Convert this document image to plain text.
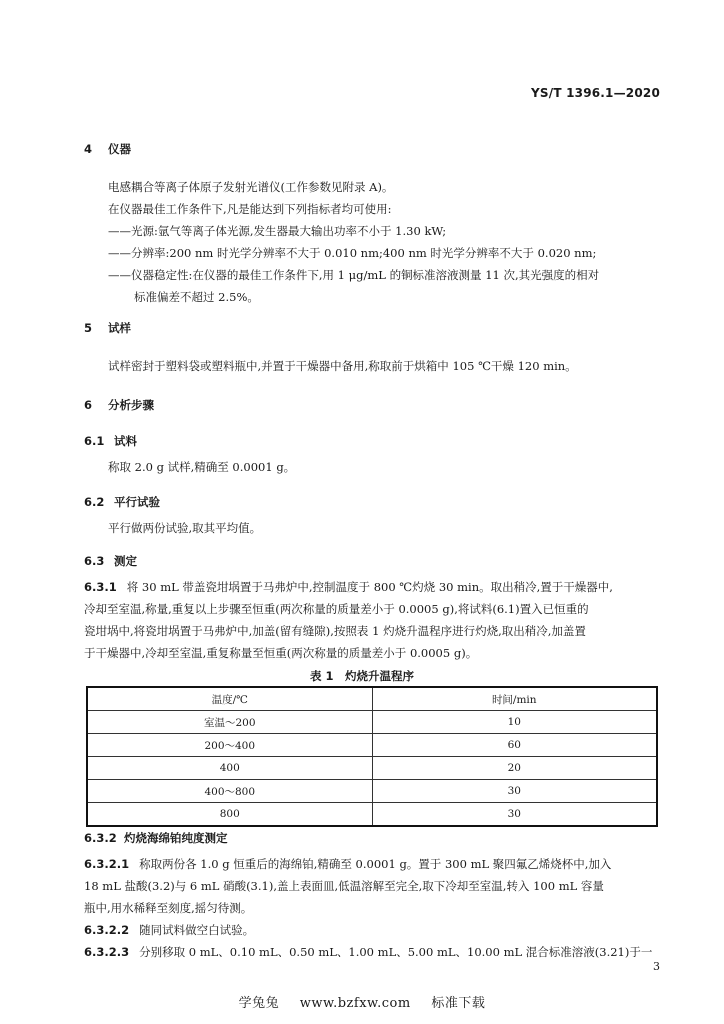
YS/T 1396.1—2020
4 仪器
电感耦合等离子体原子发射光谱仪(工作参数见附录 A)。
在仪器最佳工作条件下,凡是能达到下列指标者均可使用:
——光源:氩气等离子体光源,发生器最大输出功率不小于 1.30 kW;
——分辨率:200 nm 时光学分辨率不大于 0.010 nm;400 nm 时光学分辨率不大于 0.020 nm;
——仪器稳定性:在仪器的最佳工作条件下,用 1 μg/mL 的铜标准溶液测量 11 次,其光强度的相对
标准偏差不超过 2.5%。
5 试样
试样密封于塑料袋或塑料瓶中,并置于干燥器中备用,称取前于烘箱中 105 ℃干燥 120 min。
6 分析步骤
6.1 试料
称取 2.0 g 试样,精确至 0.0001 g。
6.2 平行试验
平行做两份试验,取其平均值。
6.3 测定
6.3.1 将 30 mL 带盖瓷坩埚置于马弗炉中,控制温度于 800 ℃灼烧 30 min。取出稍冷,置于干燥器中,
冷却至室温,称量,重复以上步骤至恒重(两次称量的质量差小于 0.0005 g),将试料(6.1)置入已恒重的
瓷坩埚中,将瓷坩埚置于马弗炉中,加盖(留有缝隙),按照表 1 灼烧升温程序进行灼烧,取出稍冷,加盖置
于干燥器中,冷却至室温,重复称量至恒重(两次称量的质量差小于 0.0005 g)。
表 1　灼烧升温程序
温度/℃	时间/min
室温～200	10
200～400	60
400	20
400～800	30
800	30
6.3.2 灼烧海绵铂纯度测定
6.3.2.1 称取两份各 1.0 g 恒重后的海绵铂,精确至 0.0001 g。置于 300 mL 聚四氟乙烯烧杯中,加入
18 mL 盐酸(3.2)与 6 mL 硝酸(3.1),盖上表面皿,低温溶解至完全,取下冷却至室温,转入 100 mL 容量
瓶中,用水稀释至刻度,摇匀待测。
6.3.2.2 随同试料做空白试验。
6.3.2.3 分别移取 0 mL、0.10 mL、0.50 mL、1.00 mL、5.00 mL、10.00 mL 混合标准溶液(3.21)于一
3
学兔兔 www.bzfxw.com 标准下载
